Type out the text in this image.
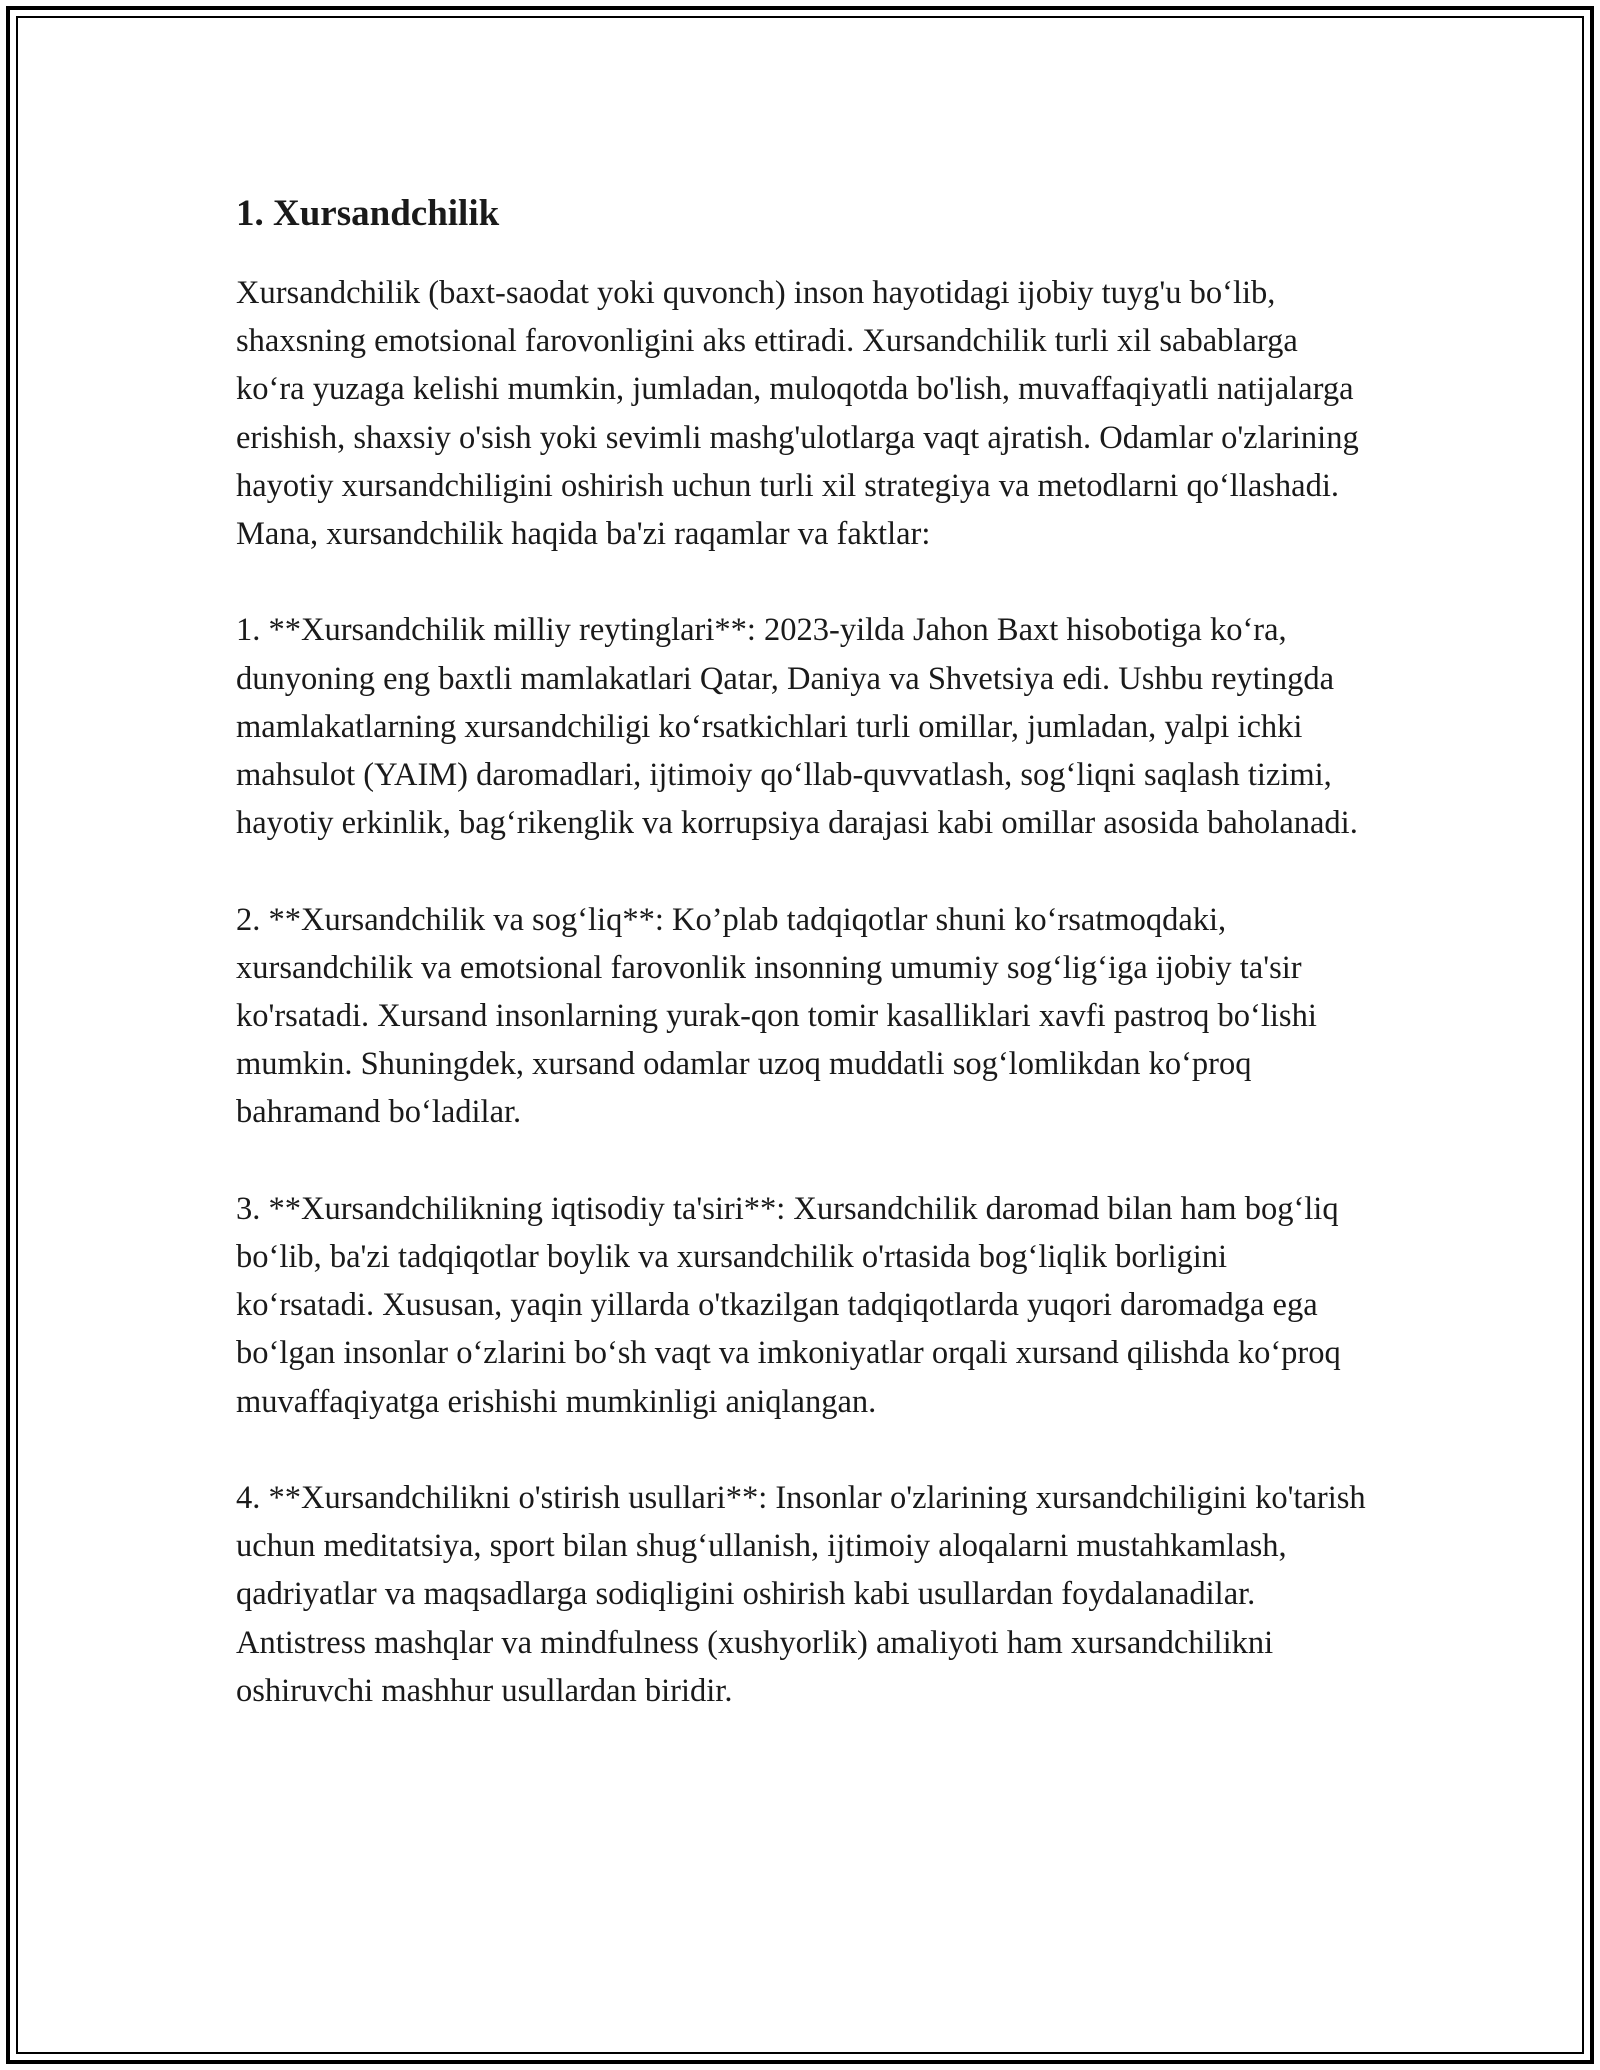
1. Xursandchilik

Xursandchilik (baxt-saodat yoki quvonch) inson hayotidagi ijobiy tuyg'u bo‘lib, shaxsning emotsional farovonligini aks ettiradi. Xursandchilik turli xil sabablarga ko‘ra yuzaga kelishi mumkin, jumladan, muloqotda bo'lish, muvaffaqiyatli natijalarga erishish, shaxsiy o'sish yoki sevimli mashg'ulotlarga vaqt ajratish. Odamlar o'zlarining hayotiy xursandchiligini oshirish uchun turli xil strategiya va metodlarni qo‘llashadi. Mana, xursandchilik haqida ba'zi raqamlar va faktlar:

1. **Xursandchilik milliy reytinglari**: 2023-yilda Jahon Baxt hisobotiga ko‘ra, dunyoning eng baxtli mamlakatlari Qatar, Daniya va Shvetsiya edi. Ushbu reytingda mamlakatlarning xursandchiligi ko‘rsatkichlari turli omillar, jumladan, yalpi ichki mahsulot (YAIM) daromadlari, ijtimoiy qo‘llab-quvvatlash, sog‘liqni saqlash tizimi, hayotiy erkinlik, bag‘rikenglik va korrupsiya darajasi kabi omillar asosida baholanadi.

2. **Xursandchilik va sog‘liq**: Ko’plab tadqiqotlar shuni ko‘rsatmoqdaki, xursandchilik va emotsional farovonlik insonning umumiy sog‘lig‘iga ijobiy ta'sir ko'rsatadi. Xursand insonlarning yurak-qon tomir kasalliklari xavfi pastroq bo‘lishi mumkin. Shuningdek, xursand odamlar uzoq muddatli sog‘lomlikdan ko‘proq bahramand bo‘ladilar.

3. **Xursandchilikning iqtisodiy ta'siri**: Xursandchilik daromad bilan ham bog‘liq bo‘lib, ba'zi tadqiqotlar boylik va xursandchilik o'rtasida bog‘liqlik borligini ko‘rsatadi. Xususan, yaqin yillarda o'tkazilgan tadqiqotlarda yuqori daromadga ega bo‘lgan insonlar o‘zlarini bo‘sh vaqt va imkoniyatlar orqali xursand qilishda ko‘proq muvaffaqiyatga erishishi mumkinligi aniqlangan.

4. **Xursandchilikni o'stirish usullari**: Insonlar o'zlarining xursandchiligini ko'tarish uchun meditatsiya, sport bilan shug‘ullanish, ijtimoiy aloqalarni mustahkamlash, qadriyatlar va maqsadlarga sodiqligini oshirish kabi usullardan foydalanadilar. Antistress mashqlar va mindfulness (xushyorlik) amaliyoti ham xursandchilikni oshiruvchi mashhur usullardan biridir.
